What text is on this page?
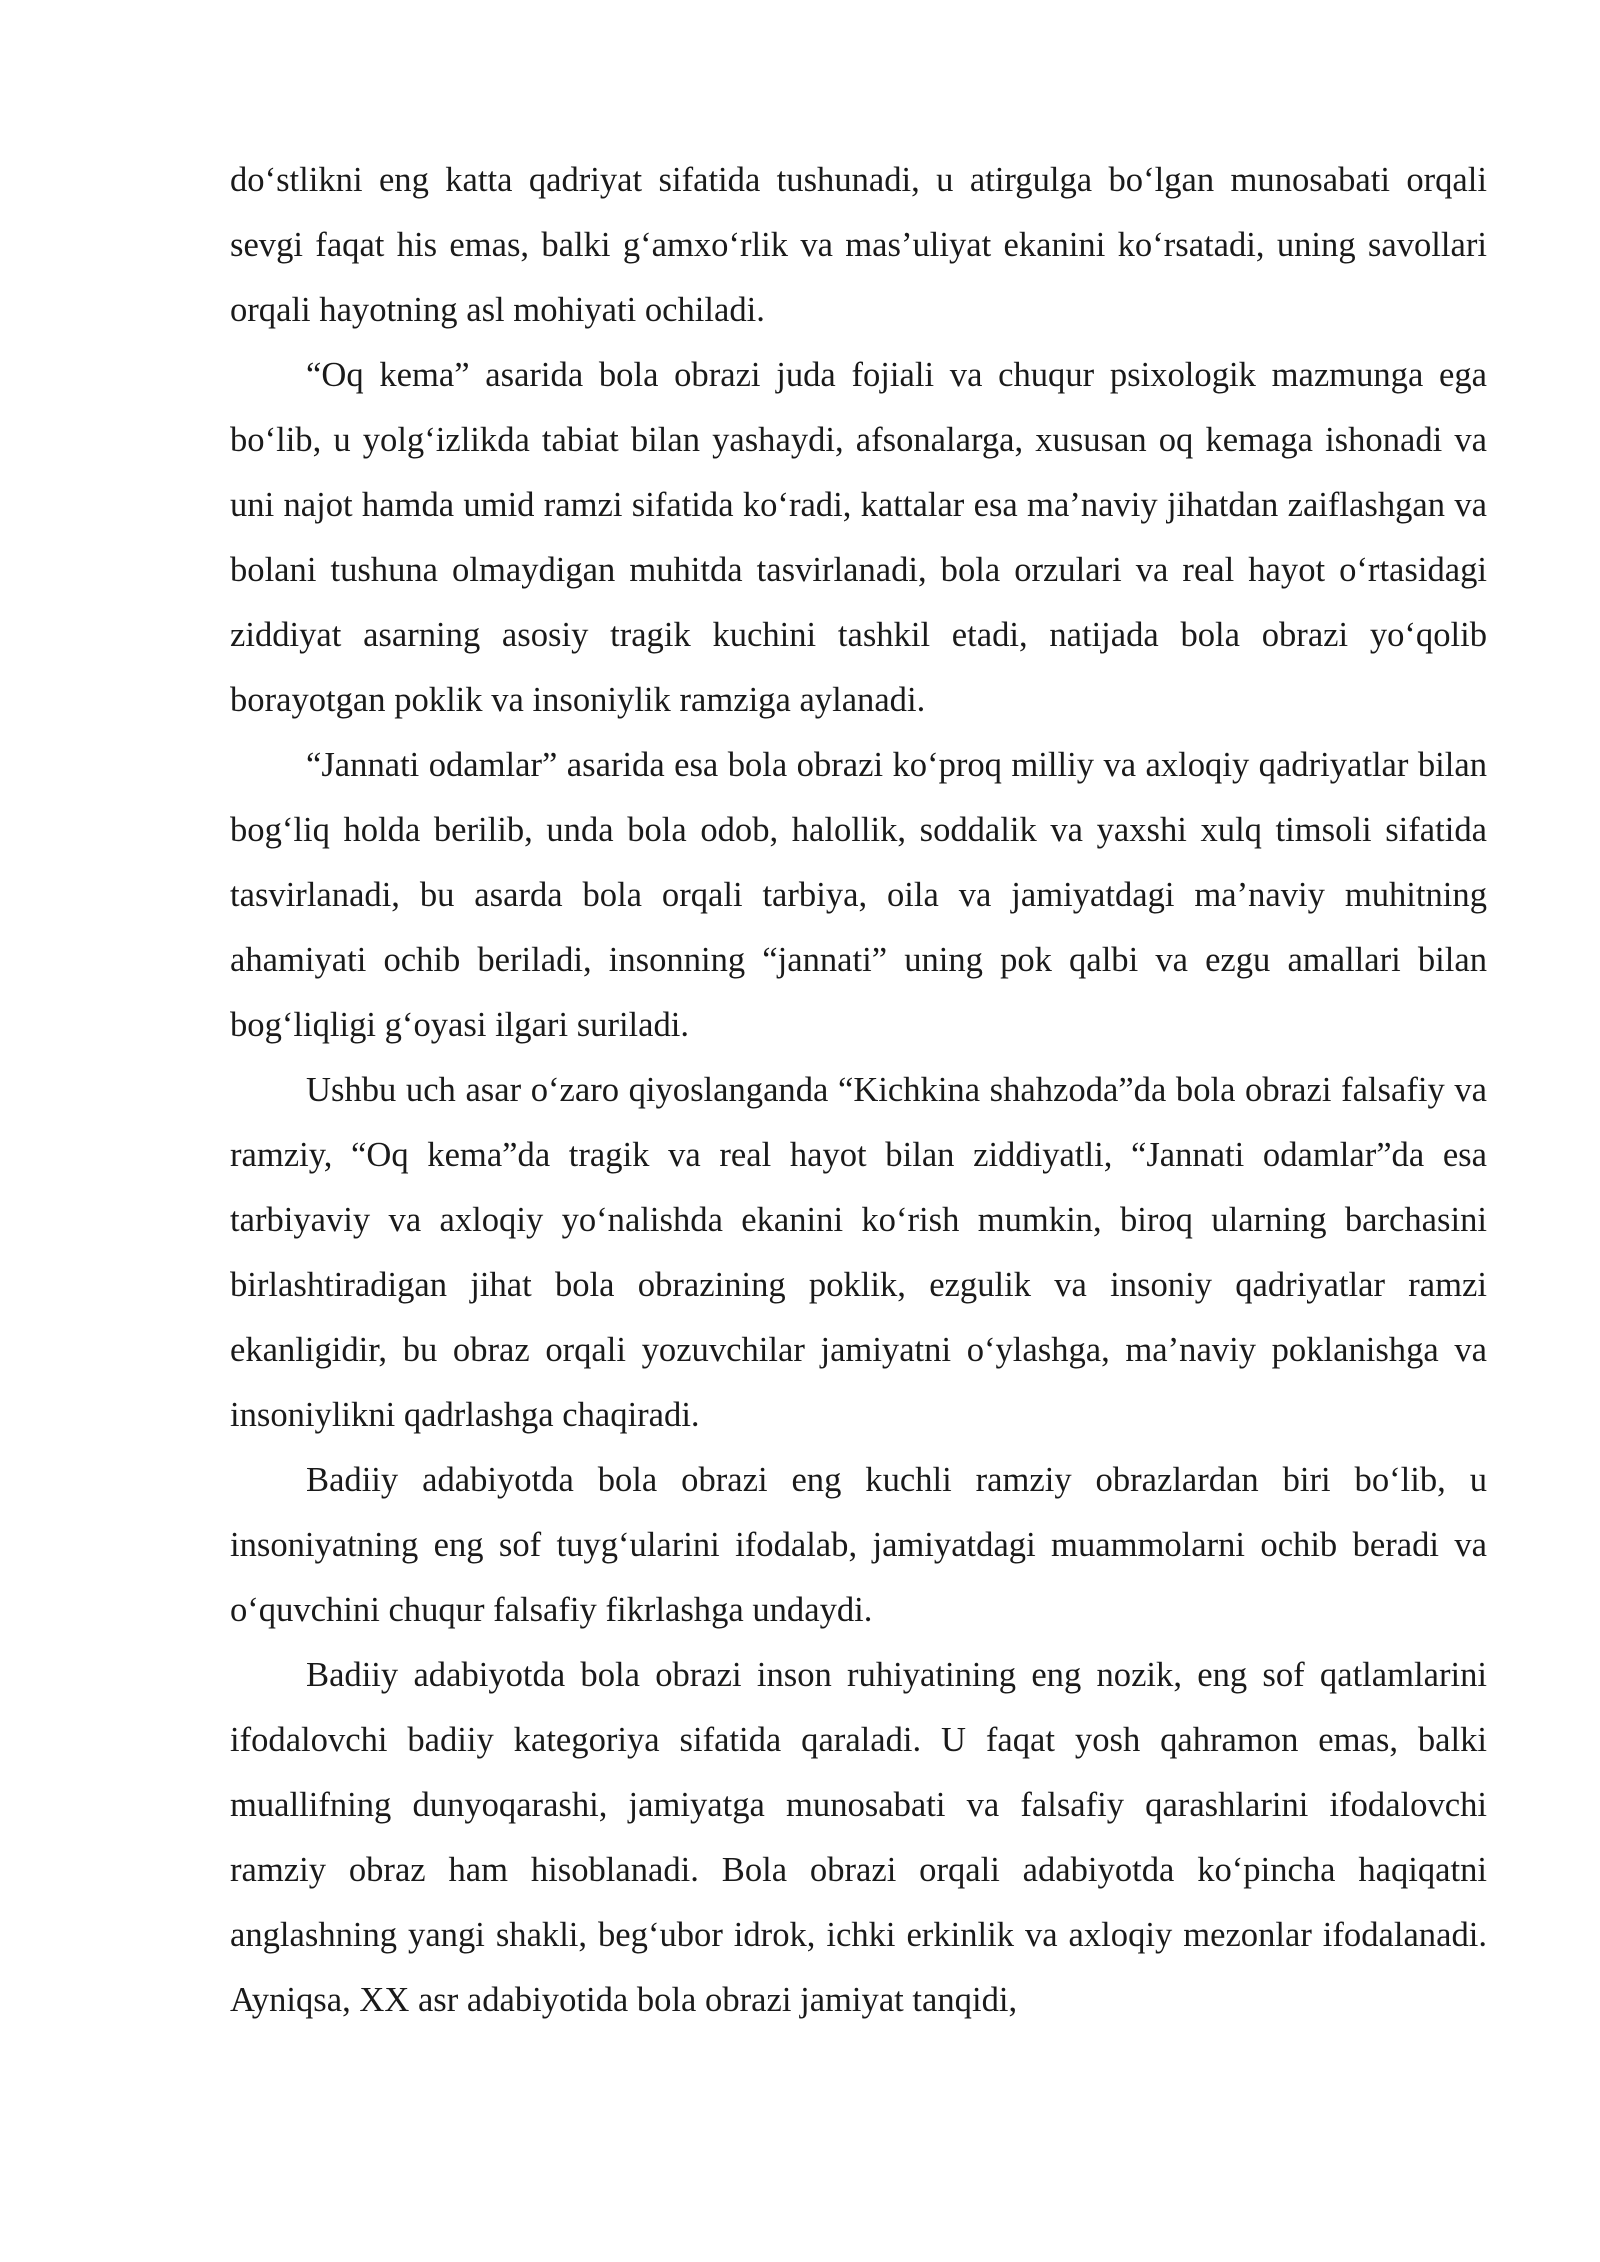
do‘stlikni eng katta qadriyat sifatida tushunadi, u atirgulga bo‘lgan munosabati orqali sevgi faqat his emas, balki g‘amxo‘rlik va mas’uliyat ekanini ko‘rsatadi, uning savollari orqali hayotning asl mohiyati ochiladi.

“Oq kema” asarida bola obrazi juda fojiali va chuqur psixologik mazmunga ega bo‘lib, u yolg‘izlikda tabiat bilan yashaydi, afsonalarga, xususan oq kemaga ishonadi va uni najot hamda umid ramzi sifatida ko‘radi, kattalar esa ma’naviy jihatdan zaiflashgan va bolani tushuna olmaydigan muhitda tasvirlanadi, bola orzulari va real hayot o‘rtasidagi ziddiyat asarning asosiy tragik kuchini tashkil etadi, natijada bola obrazi yo‘qolib borayotgan poklik va insoniylik ramziga aylanadi.

“Jannati odamlar” asarida esa bola obrazi ko‘proq milliy va axloqiy qadriyatlar bilan bog‘liq holda berilib, unda bola odob, halollik, soddalik va yaxshi xulq timsoli sifatida tasvirlanadi, bu asarda bola orqali tarbiya, oila va jamiyatdagi ma’naviy muhitning ahamiyati ochib beriladi, insonning “jannati” uning pok qalbi va ezgu amallari bilan bog‘liqligi g‘oyasi ilgari suriladi.

Ushbu uch asar o‘zaro qiyoslanganda “Kichkina shahzoda”da bola obrazi falsafiy va ramziy, “Oq kema”da tragik va real hayot bilan ziddiyatli, “Jannati odamlar”da esa tarbiyaviy va axloqiy yo‘nalishda ekanini ko‘rish mumkin, biroq ularning barchasini birlashtiradigan jihat bola obrazining poklik, ezgulik va insoniy qadriyatlar ramzi ekanligidir, bu obraz orqali yozuvchilar jamiyatni o‘ylashga, ma’naviy poklanishga va insoniylikni qadrlashga chaqiradi.

Badiiy adabiyotda bola obrazi eng kuchli ramziy obrazlardan biri bo‘lib, u insoniyatning eng sof tuyg‘ularini ifodalab, jamiyatdagi muammolarni ochib beradi va o‘quvchini chuqur falsafiy fikrlashga undaydi.

Badiiy adabiyotda bola obrazi inson ruhiyatining eng nozik, eng sof qatlamlarini ifodalovchi badiiy kategoriya sifatida qaraladi. U faqat yosh qahramon emas, balki muallifning dunyoqarashi, jamiyatga munosabati va falsafiy qarashlarini ifodalovchi ramziy obraz ham hisoblanadi. Bola obrazi orqali adabiyotda ko‘pincha haqiqatni anglashning yangi shakli, beg‘ubor idrok, ichki erkinlik va axloqiy mezonlar ifodalanadi. Ayniqsa, XX asr adabiyotida bola obrazi jamiyat tanqidi,
